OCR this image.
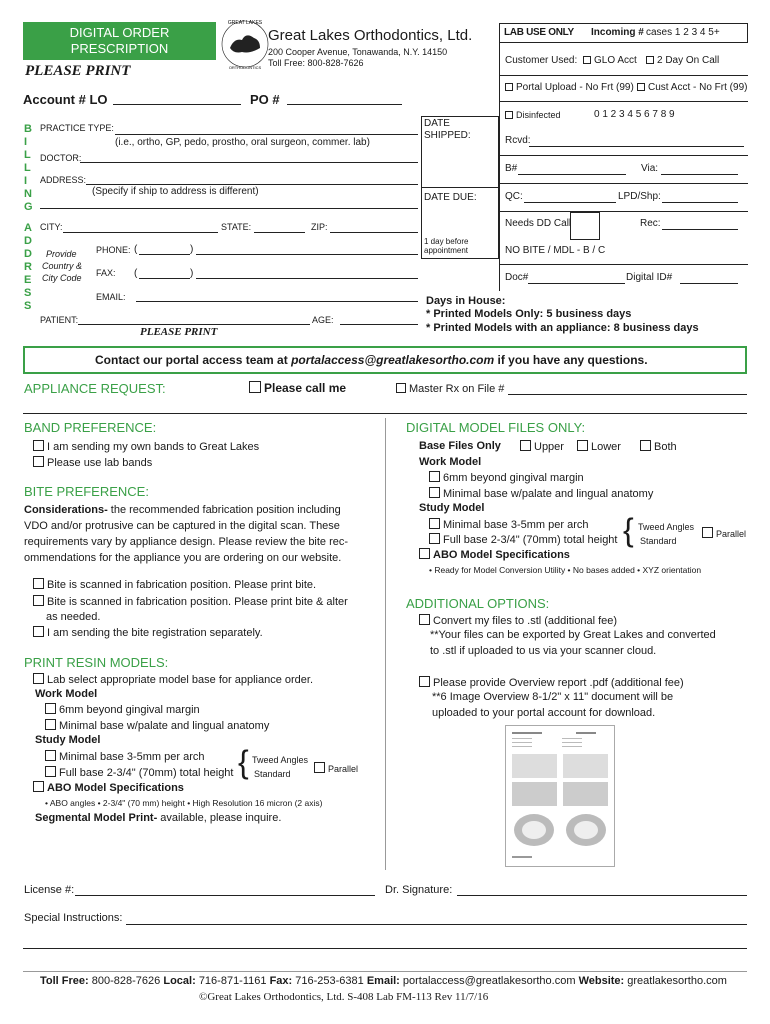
DIGITAL ORDER
PRESCRIPTION
PLEASE PRINT
GREAT LAKES
ORTHODONTICS
Great Lakes Orthodontics, Ltd.
200 Cooper Avenue, Tonawanda, N.Y. 14150
Toll Free: 800-828-7626
Account # LO	PO #
LAB USE ONLY Incoming # cases 1 2 3 4 5+
Customer Used:	GLO Acct	2 Day On Call
Portal Upload - No Frt (99)	Cust Acct - No Frt (99)
Disinfected	0 1 2 3 4 5 6 7 8 9
Rcvd:
B#	Via:
QC:	LPD/Shp:
Needs DD Call	Rec:
NO BITE / MDL - B / C
Doc#	Digital ID#
B
I
L
L
I
N
G
A
D
D
R
E
S
S
PRACTICE TYPE:
(i.e., ortho, GP, pedo, prostho, oral surgeon, commer. lab)
DOCTOR:
ADDRESS:
(Specify if ship to address is different)
CITY:	STATE:	ZIP:
Provide
Country &
City Code
PHONE: (	)
FAX: (	)
EMAIL:
PATIENT:	AGE:
PLEASE PRINT
DATE
SHIPPED:
DATE DUE:
1 day before
appointment
Days in House:
* Printed Models Only: 5 business days
* Printed Models with an appliance: 8 business days
Contact our portal access team at portalaccess@greatlakesortho.com if you have any questions.
APPLIANCE REQUEST:	Please call me	Master Rx on File #
BAND PREFERENCE:
I am sending my own bands to Great Lakes
Please use lab bands
BITE PREFERENCE:
Considerations- the recommended fabrication position including
VDO and/or protrusive can be captured in the digital scan. These
requirements vary by appliance design. Please review the bite rec-
ommendations for the appliance you are ordering on our website.
Bite is scanned in fabrication position. Please print bite.
Bite is scanned in fabrication position. Please print bite & alter
as needed.
I am sending the bite registration separately.
PRINT RESIN MODELS:
Lab select appropriate model base for appliance order.
Work Model
6mm beyond gingival margin
Minimal base w/palate and lingual anatomy
Study Model
Minimal base 3-5mm per arch
Full base 2-3/4" (70mm) total height { Tweed Angles
Standard	Parallel
ABO Model Specifications
• ABO angles • 2-3/4" (70 mm) height • High Resolution 16 micron (2 axis)
Segmental Model Print- available, please inquire.
DIGITAL MODEL FILES ONLY:
Base Files Only	Upper	Lower	Both
Work Model
6mm beyond gingival margin
Minimal base w/palate and lingual anatomy
Study Model
Minimal base 3-5mm per arch
Full base 2-3/4" (70mm) total height { Tweed Angles
Standard
Parallel
ABO Model Specifications
• Ready for Model Conversion Utility • No bases added • XYZ orientation
ADDITIONAL OPTIONS:
Convert my files to .stl (additional fee)
**Your files can be exported by Great Lakes and converted
to .stl if uploaded to us via your scanner cloud.
Please provide Overview report .pdf (additional fee)
**6 Image Overview 8-1/2" x 11" document will be
uploaded to your portal account for download.
License #:	Dr. Signature:
Special Instructions:
Toll Free: 800-828-7626 Local: 716-871-1161 Fax: 716-253-6381 Email: portalaccess@greatlakesortho.com Website: greatlakesortho.com
©Great Lakes Orthodontics, Ltd. S-408 Lab FM-113 Rev 11/7/16
